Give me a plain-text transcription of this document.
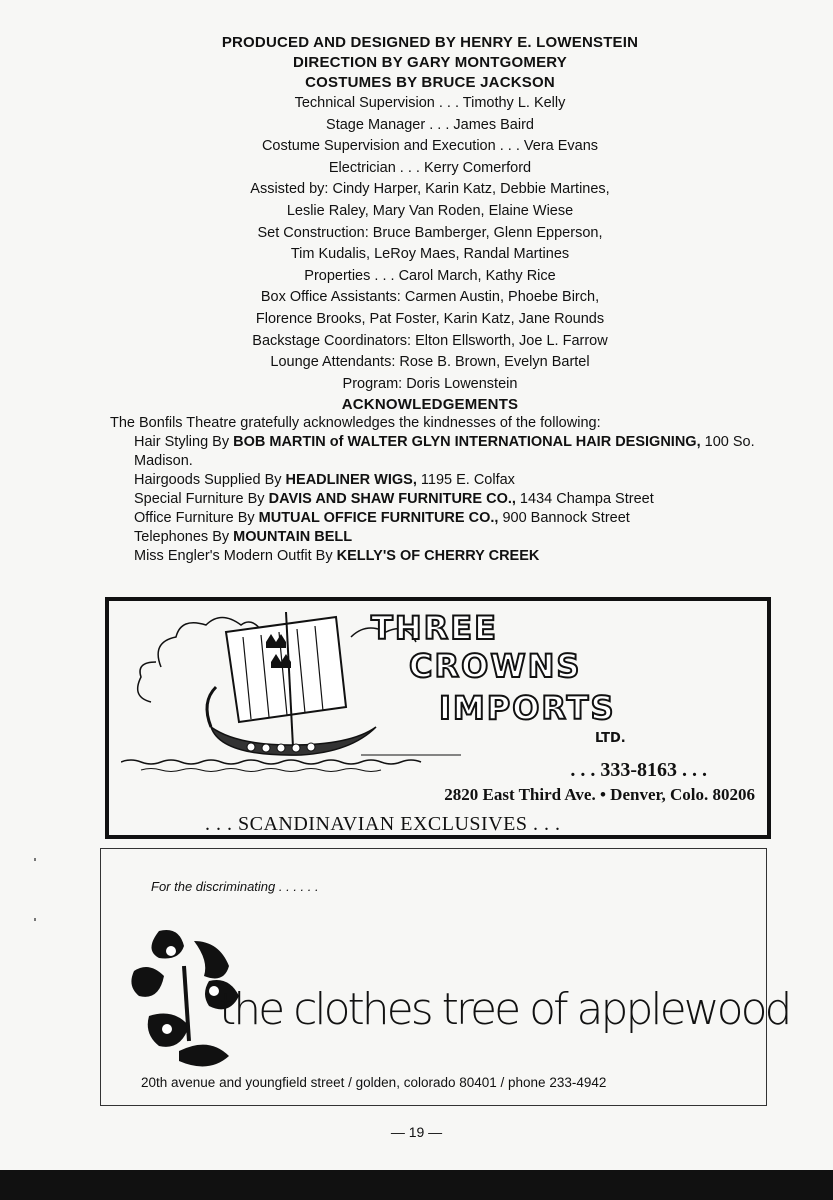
PRODUCED AND DESIGNED BY HENRY E. LOWENSTEIN
DIRECTION BY GARY MONTGOMERY
COSTUMES BY BRUCE JACKSON
Technical Supervision . . . Timothy L. Kelly
Stage Manager . . . James Baird
Costume Supervision and Execution . . . Vera Evans
Electrician . . . Kerry Comerford
Assisted by: Cindy Harper, Karin Katz, Debbie Martines,
Leslie Raley, Mary Van Roden, Elaine Wiese
Set Construction: Bruce Bamberger, Glenn Epperson,
Tim Kudalis, LeRoy Maes, Randal Martines
Properties . . . Carol March, Kathy Rice
Box Office Assistants: Carmen Austin, Phoebe Birch,
Florence Brooks, Pat Foster, Karin Katz, Jane Rounds
Backstage Coordinators: Elton Ellsworth, Joe L. Farrow
Lounge Attendants: Rose B. Brown, Evelyn Bartel
Program: Doris Lowenstein
ACKNOWLEDGEMENTS

The Bonfils Theatre gratefully acknowledges the kindnesses of the following:

Hair Styling By BOB MARTIN of WALTER GLYN INTERNATIONAL HAIR DESIGNING, 100 So. Madison.
Hairgoods Supplied By HEADLINER WIGS, 1195 E. Colfax
Special Furniture By DAVIS AND SHAW FURNITURE CO., 1434 Champa Street
Office Furniture By MUTUAL OFFICE FURNITURE CO., 900 Bannock Street
Telephones By MOUNTAIN BELL
Miss Engler's Modern Outfit By KELLY'S OF CHERRY CREEK
THREE
CROWNS
IMPORTS
LTD.
. . . 333-8163 . . .
2820 East Third Ave. • Denver, Colo. 80206
. . . SCANDINAVIAN EXCLUSIVES . . .
For the discriminating . . . . . .
the clothes tree of applewood
20th avenue and youngfield street / golden, colorado 80401 / phone 233-4942
— 19 —
